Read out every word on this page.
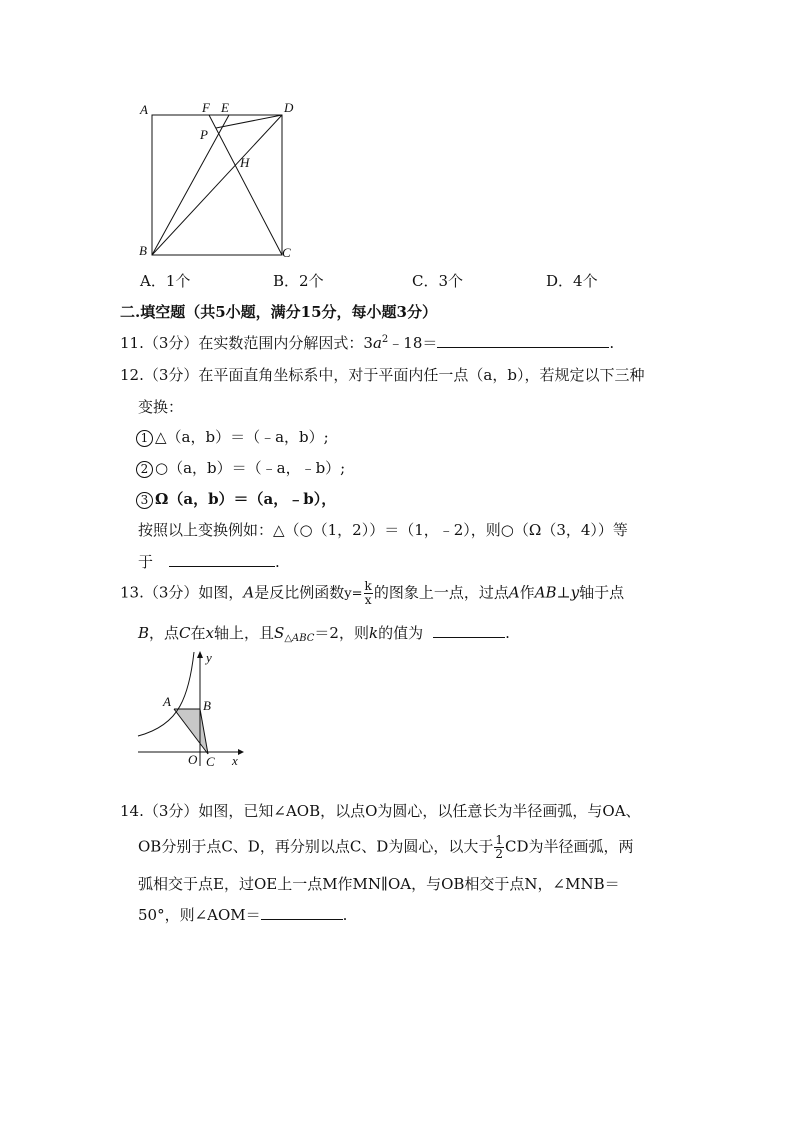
A	F E	D
P
H
B	C
A．1个	B．2个	C．3个	D．4个
二.填空题（共5小题，满分15分，每小题3分）
11.（3分）在实数范围内分解因式：$3a^2﹣18=$	.
12.（3分）在平面直角坐标系中，对于平面内任一点（a，b），若规定以下三种
变换：
1 △（a，b）＝（﹣a，b）;
2 ○（a，b）＝（﹣a，﹣b）;
3 Ω（a，b）＝（a，﹣b），
按照以上变换例如：△（○（1，2））＝（1，﹣2），则○（Ω（3，4））等
于	.
13.（3分）如图，A是反比例函数$y= \frac{k}{x}$ 的图象上一点，过点A作AB⊥y轴于点
B，点C在x轴上，且$S_{\triangle ABC}=2$，则k的值为	.
y
A B
O C x
14.（3分）如图，已知∠AOB，以点O为圆心，以任意长为半径画弧，与OA、
OB分别于点C、D，再分别以点C、D为圆心，以大于 $\frac{1}{2}$ CD为半径画弧，两
弧相交于点E，过OE上一点M作MN∥OA，与OB相交于点N，∠MNB＝
50°，则∠AOM＝	.
